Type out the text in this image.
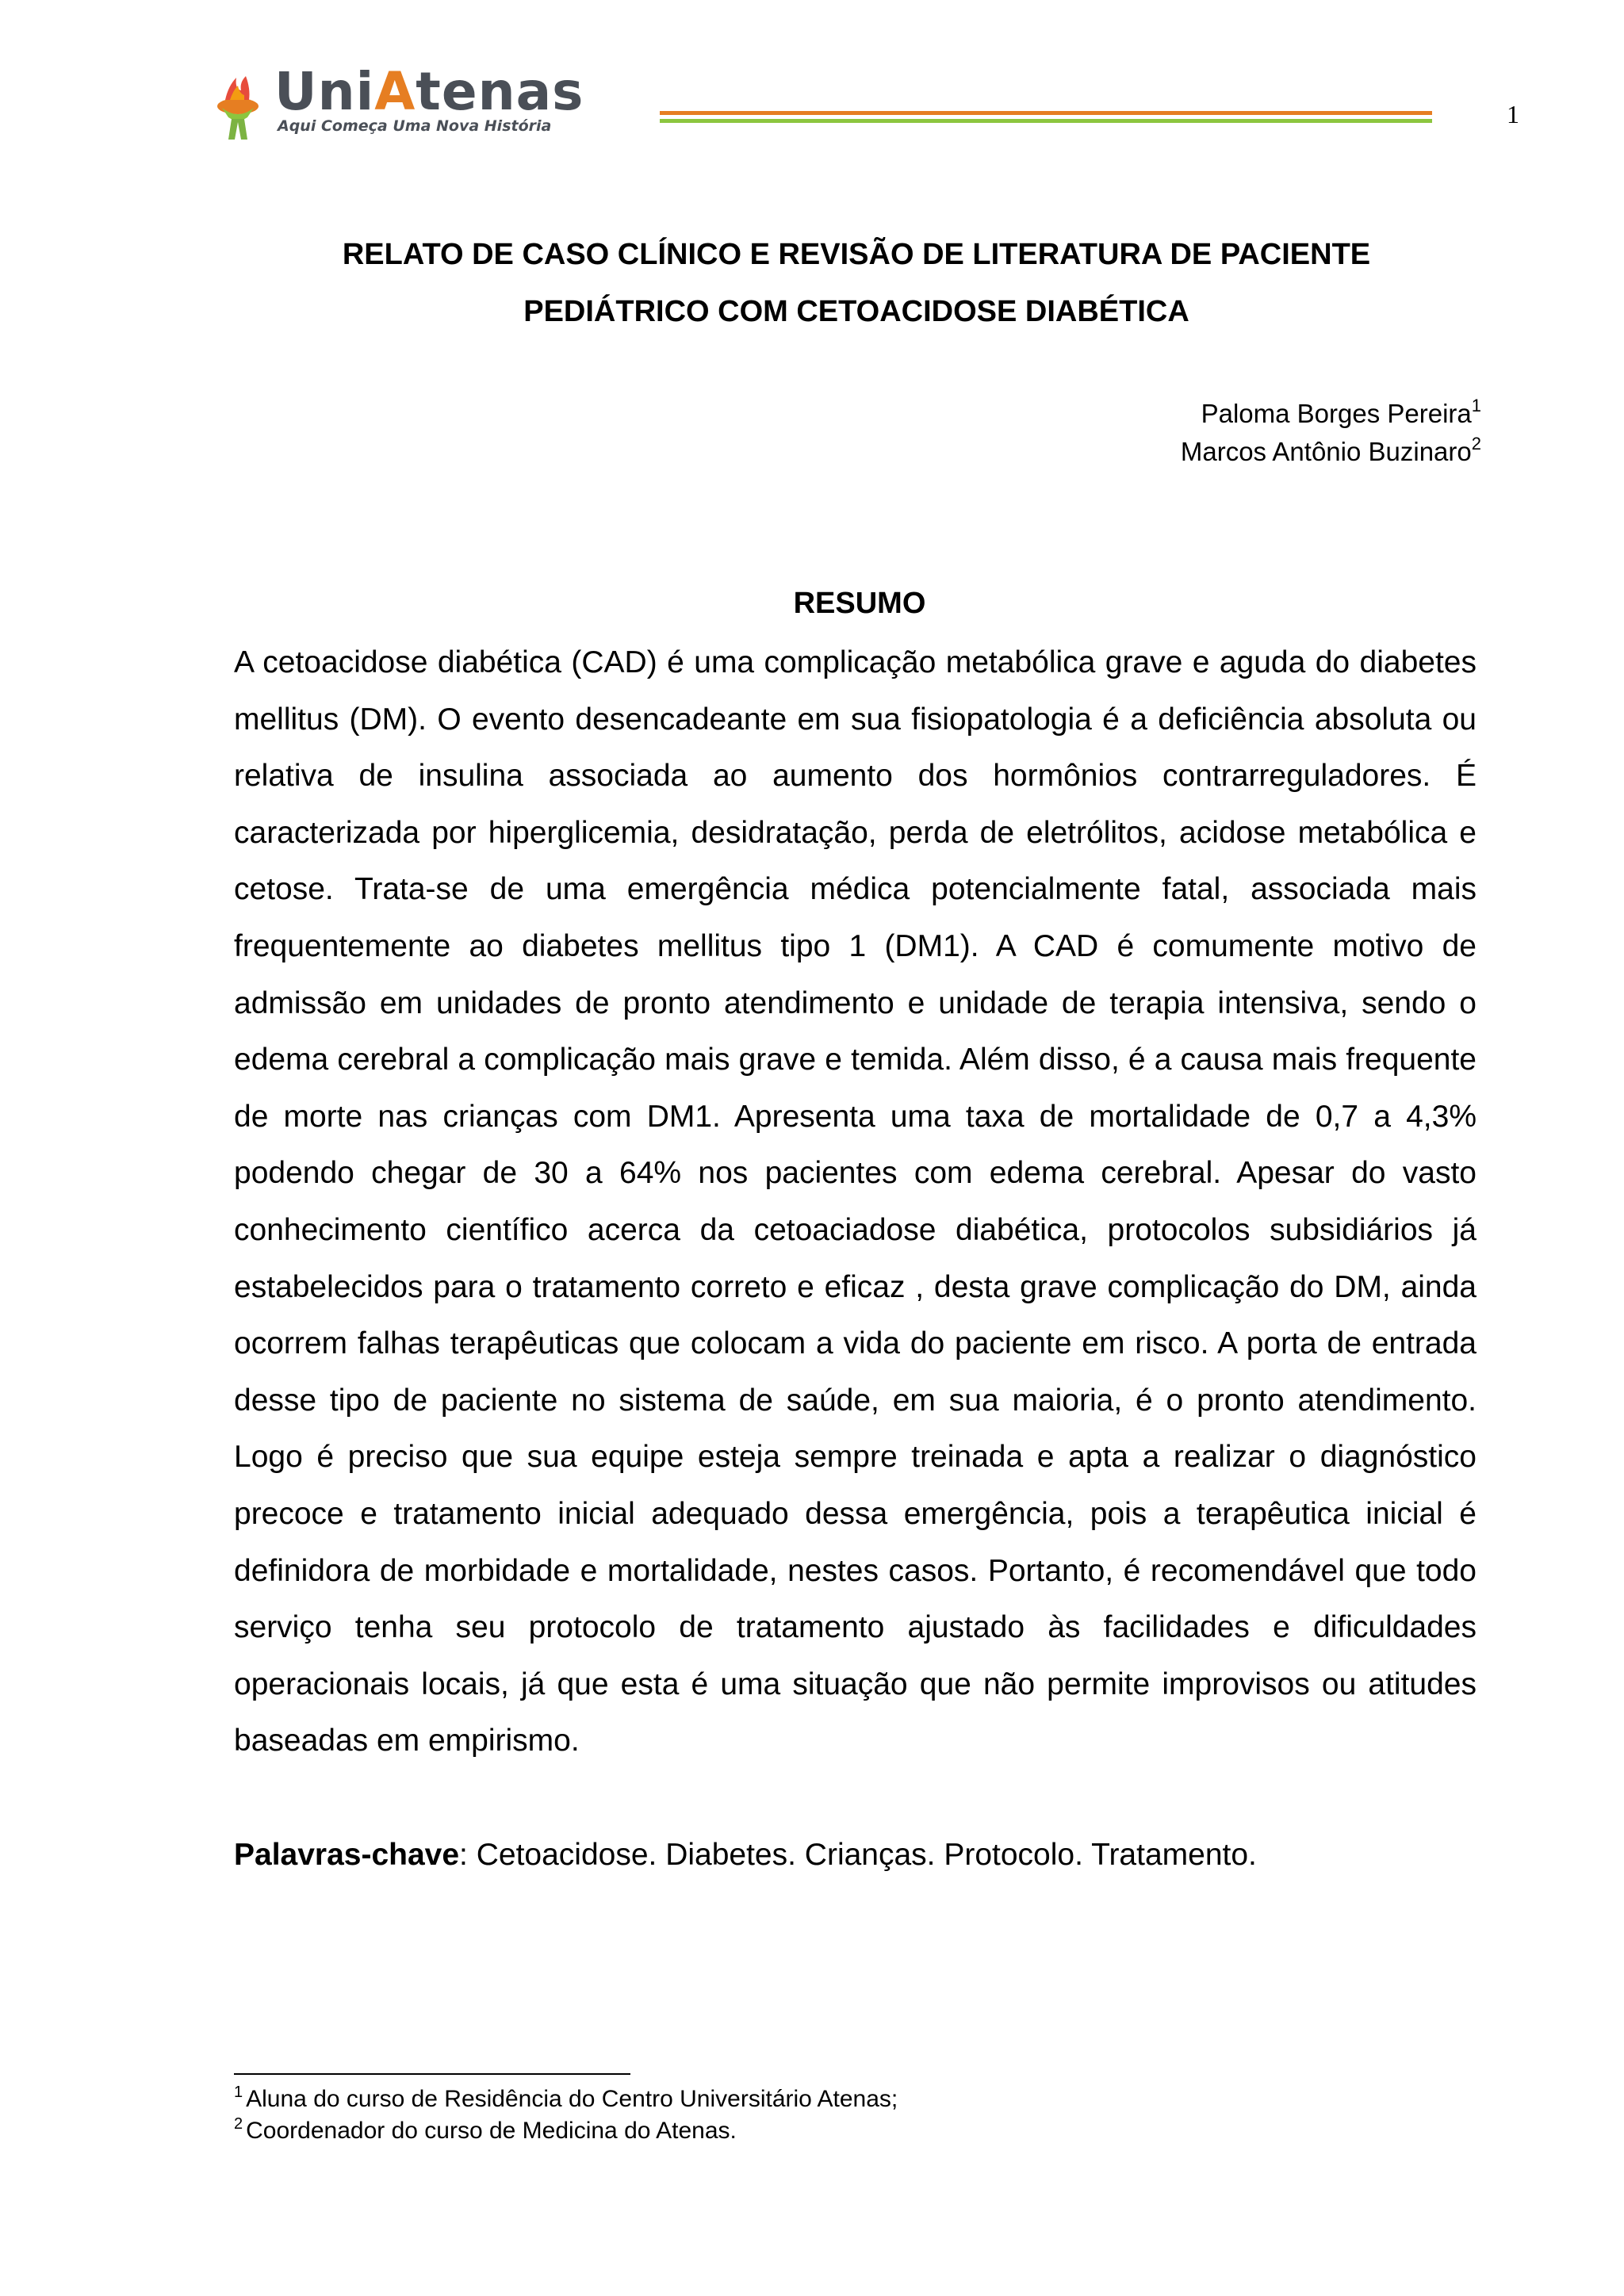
UniAtenas
Aqui Começa Uma Nova História	1
RELATO DE CASO CLÍNICO E REVISÃO DE LITERATURA DE PACIENTE
PEDIÁTRICO COM CETOACIDOSE DIABÉTICA
Paloma Borges Pereira$^1$
Marcos Antônio Buzinaro$^2$
RESUMO
A cetoacidose diabética (CAD) é uma complicação metabólica grave e aguda do diabetes mellitus (DM). O evento desencadeante em sua fisiopatologia é a deficiência absoluta ou relativa de insulina associada ao aumento dos hormônios contrarreguladores. É caracterizada por hiperglicemia, desidratação, perda de eletrólitos, acidose metabólica e cetose. Trata-se de uma emergência médica potencialmente fatal, associada mais frequentemente ao diabetes mellitus tipo 1 (DM1). A CAD é comumente motivo de admissão em unidades de pronto atendimento e unidade de terapia intensiva, sendo o edema cerebral a complicação mais grave e temida. Além disso, é a causa mais frequente de morte nas crianças com DM1. Apresenta uma taxa de mortalidade de 0,7 a 4,3% podendo chegar de 30 a 64% nos pacientes com edema cerebral. Apesar do vasto conhecimento científico acerca da cetoaciadose diabética, protocolos subsidiários já estabelecidos para o tratamento correto e eficaz , desta grave complicação do DM, ainda ocorrem falhas terapêuticas que colocam a vida do paciente em risco. A porta de entrada desse tipo de paciente no sistema de saúde, em sua maioria, é o pronto atendimento. Logo é preciso que sua equipe esteja sempre treinada e apta a realizar o diagnóstico precoce e tratamento inicial adequado dessa emergência, pois a terapêutica inicial é definidora de morbidade e mortalidade, nestes casos. Portanto, é recomendável que todo serviço tenha seu protocolo de tratamento ajustado às facilidades e dificuldades operacionais locais, já que esta é uma situação que não permite improvisos ou atitudes baseadas em empirismo.
Palavras-chave: Cetoacidose. Diabetes. Crianças. Protocolo. Tratamento.
$^1$ Aluna do curso de Residência do Centro Universitário Atenas;
$^2$ Coordenador do curso de Medicina do Atenas.
